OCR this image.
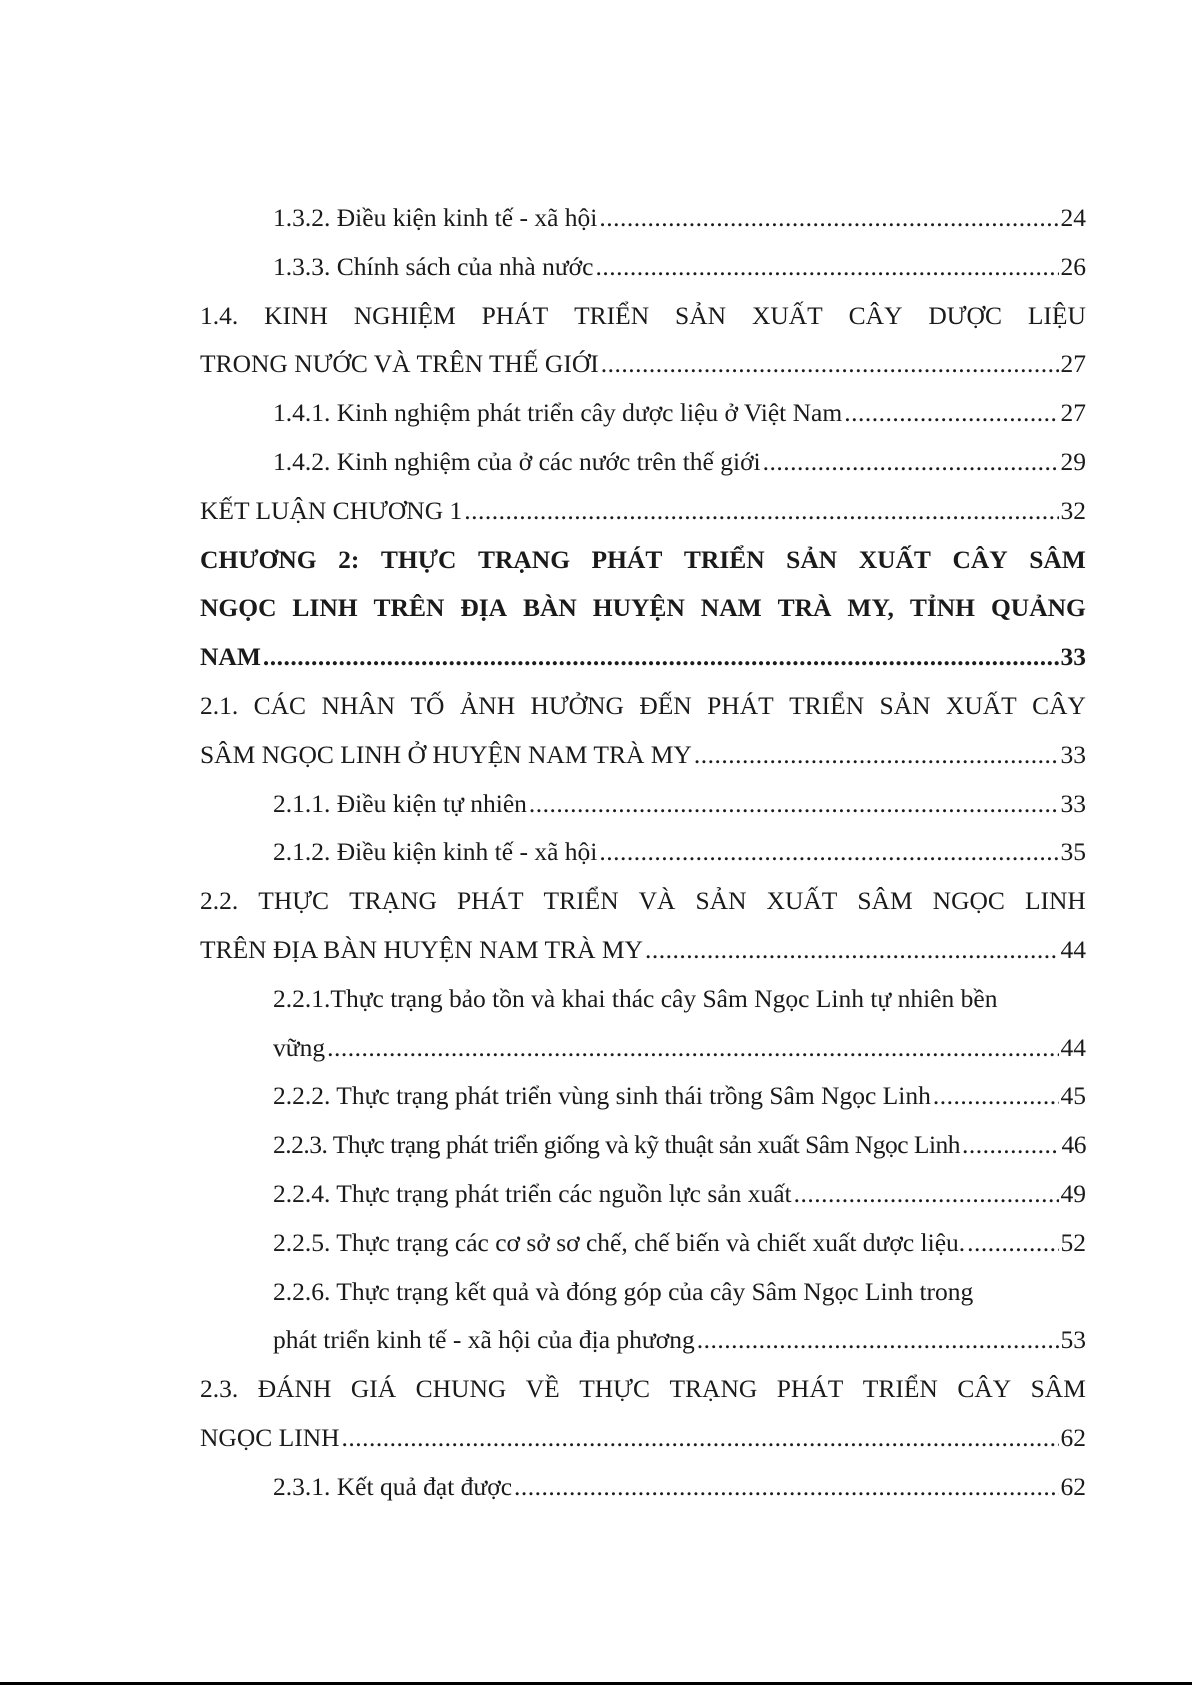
1.3.2. Điều kiện kinh tế - xã hội .....	24
1.3.3. Chính sách của nhà nước .....	26
1.4. KINH NGHIỆM PHÁT TRIỂN SẢN XUẤT CÂY DƯỢC LIỆU
TRONG NƯỚC VÀ TRÊN THẾ GIỚI .....	27
1.4.1. Kinh nghiệm phát triển cây dược liệu ở Việt Nam .....	27
1.4.2. Kinh nghiệm của ở các nước trên thế giới .....	29
KẾT LUẬN CHƯƠNG 1 .....	32
CHƯƠNG 2: THỰC TRẠNG PHÁT TRIỂN SẢN XUẤT CÂY SÂM
NGỌC LINH TRÊN ĐỊA BÀN HUYỆN NAM TRÀ MY, TỈNH QUẢNG
NAM .....	33
2.1. CÁC NHÂN TỐ ẢNH HƯỞNG ĐẾN PHÁT TRIỂN SẢN XUẤT CÂY
SÂM NGỌC LINH Ở HUYỆN NAM TRÀ MY .....	33
2.1.1. Điều kiện tự nhiên .....	33
2.1.2. Điều kiện kinh tế - xã hội .....	35
2.2. THỰC TRẠNG PHÁT TRIỂN VÀ SẢN XUẤT SÂM NGỌC LINH
TRÊN ĐỊA BÀN HUYỆN NAM TRÀ MY .....	44
2.2.1.Thực trạng bảo tồn và khai thác cây Sâm Ngọc Linh tự nhiên bền
vững .....	44
2.2.2. Thực trạng phát triển vùng sinh thái trồng Sâm Ngọc Linh .....	45
2.2.3. Thực trạng phát triển giống và kỹ thuật sản xuất Sâm Ngọc Linh .....	46
2.2.4. Thực trạng phát triển các nguồn lực sản xuất .....	49
2.2.5. Thực trạng các cơ sở sơ chế, chế biến và chiết xuất dược liệu. .....	52
2.2.6. Thực trạng kết quả và đóng góp của cây Sâm Ngọc Linh trong
phát triển kinh tế - xã hội của địa phương .....	53
2.3. ĐÁNH GIÁ CHUNG VỀ THỰC TRẠNG PHÁT TRIỂN CÂY SÂM
NGỌC LINH .....	62
2.3.1. Kết quả đạt được .....	62
